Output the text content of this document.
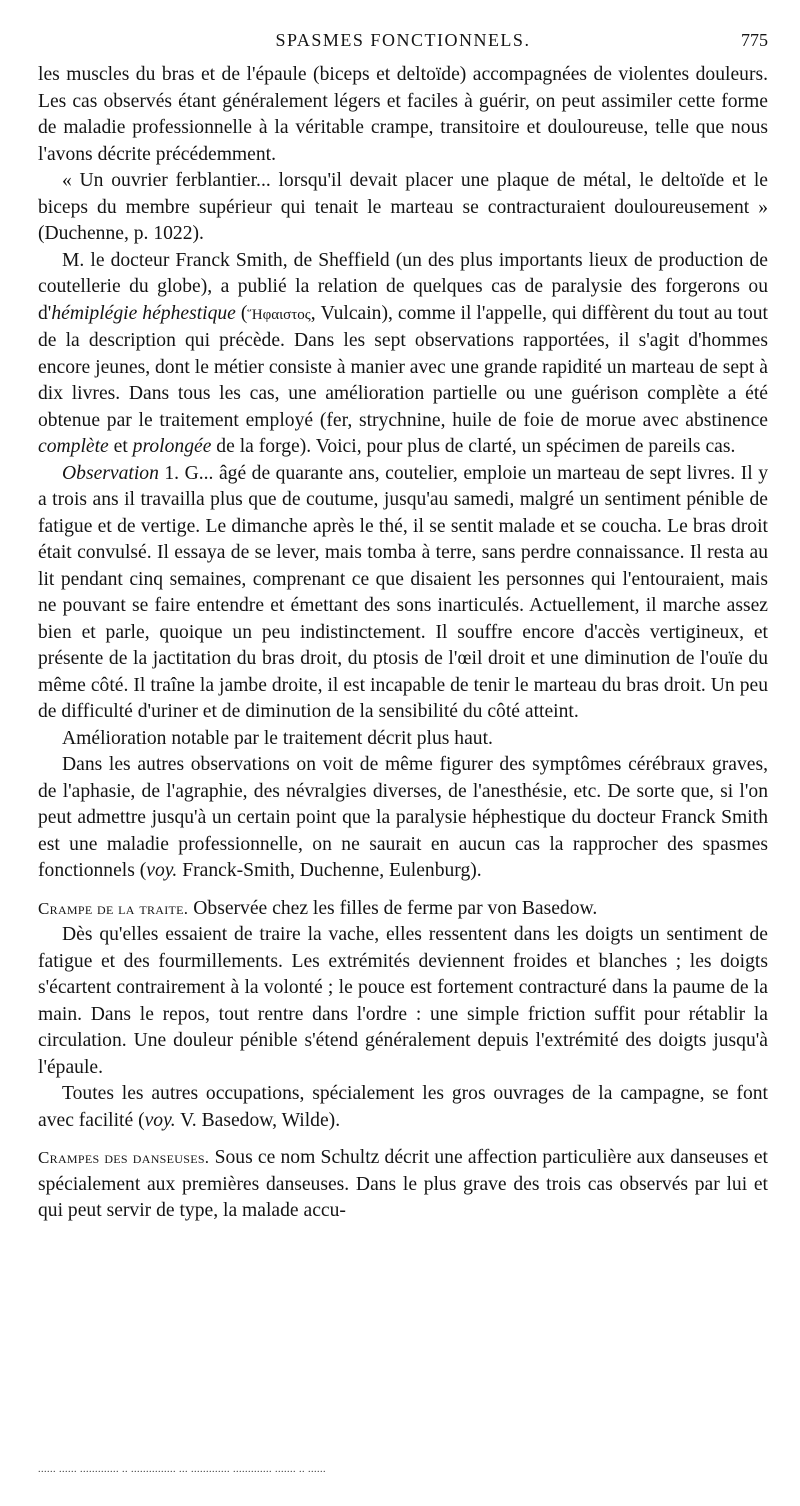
SPASMES FONCTIONNELS.	775

les muscles du bras et de l'épaule (biceps et deltoïde) accompagnées de violentes douleurs. Les cas observés étant généralement légers et faciles à guérir, on peut assimiler cette forme de maladie professionnelle à la véritable crampe, transitoire et douloureuse, telle que nous l'avons décrite précédemment.

« Un ouvrier ferblantier... lorsqu'il devait placer une plaque de métal, le deltoïde et le biceps du membre supérieur qui tenait le marteau se contracturaient douloureusement » (Duchenne, p. 1022).

M. le docteur Franck Smith, de Sheffield (un des plus importants lieux de production de coutellerie du globe), a publié la relation de quelques cas de paralysie des forgerons ou d'hémiplégie héphestique (Ἥφαιστος, Vulcain), comme il l'appelle, qui diffèrent du tout au tout de la description qui précède. Dans les sept observations rapportées, il s'agit d'hommes encore jeunes, dont le métier consiste à manier avec une grande rapidité un marteau de sept à dix livres. Dans tous les cas, une amélioration partielle ou une guérison complète a été obtenue par le traitement employé (fer, strychnine, huile de foie de morue avec abstinence complète et prolongée de la forge). Voici, pour plus de clarté, un spécimen de pareils cas.

Observation 1. G... âgé de quarante ans, coutelier, emploie un marteau de sept livres. Il y a trois ans il travailla plus que de coutume, jusqu'au samedi, malgré un sentiment pénible de fatigue et de vertige. Le dimanche après le thé, il se sentit malade et se coucha. Le bras droit était convulsé. Il essaya de se lever, mais tomba à terre, sans perdre connaissance. Il resta au lit pendant cinq semaines, comprenant ce que disaient les personnes qui l'entouraient, mais ne pouvant se faire entendre et émettant des sons inarticulés. Actuellement, il marche assez bien et parle, quoique un peu indistinctement. Il souffre encore d'accès vertigineux, et présente de la jactitation du bras droit, du ptosis de l'œil droit et une diminution de l'ouïe du même côté. Il traîne la jambe droite, il est incapable de tenir le marteau du bras droit. Un peu de difficulté d'uriner et de diminution de la sensibilité du côté atteint.

Amélioration notable par le traitement décrit plus haut.

Dans les autres observations on voit de même figurer des symptômes cérébraux graves, de l'aphasie, de l'agraphie, des névralgies diverses, de l'anesthésie, etc. De sorte que, si l'on peut admettre jusqu'à un certain point que la paralysie héphestique du docteur Franck Smith est une maladie professionnelle, on ne saurait en aucun cas la rapprocher des spasmes fonctionnels (voy. Franck-Smith, Duchenne, Eulenburg).

Crampe de la traite. Observée chez les filles de ferme par von Basedow.

Dès qu'elles essaient de traire la vache, elles ressentent dans les doigts un sentiment de fatigue et des fourmillements. Les extrémités deviennent froides et blanches ; les doigts s'écartent contrairement à la volonté ; le pouce est fortement contracturé dans la paume de la main. Dans le repos, tout rentre dans l'ordre : une simple friction suffit pour rétablir la circulation. Une douleur pénible s'étend généralement depuis l'extrémité des doigts jusqu'à l'épaule.

Toutes les autres occupations, spécialement les gros ouvrages de la campagne, se font avec facilité (voy. V. Basedow, Wilde).

Crampes des danseuses. Sous ce nom Schultz décrit une affection particulière aux danseuses et spécialement aux premières danseuses. Dans le plus grave des trois cas observés par lui et qui peut servir de type, la malade accu-

...... ...... ............. .. ............... ... ............. ............. ....... .. ......
